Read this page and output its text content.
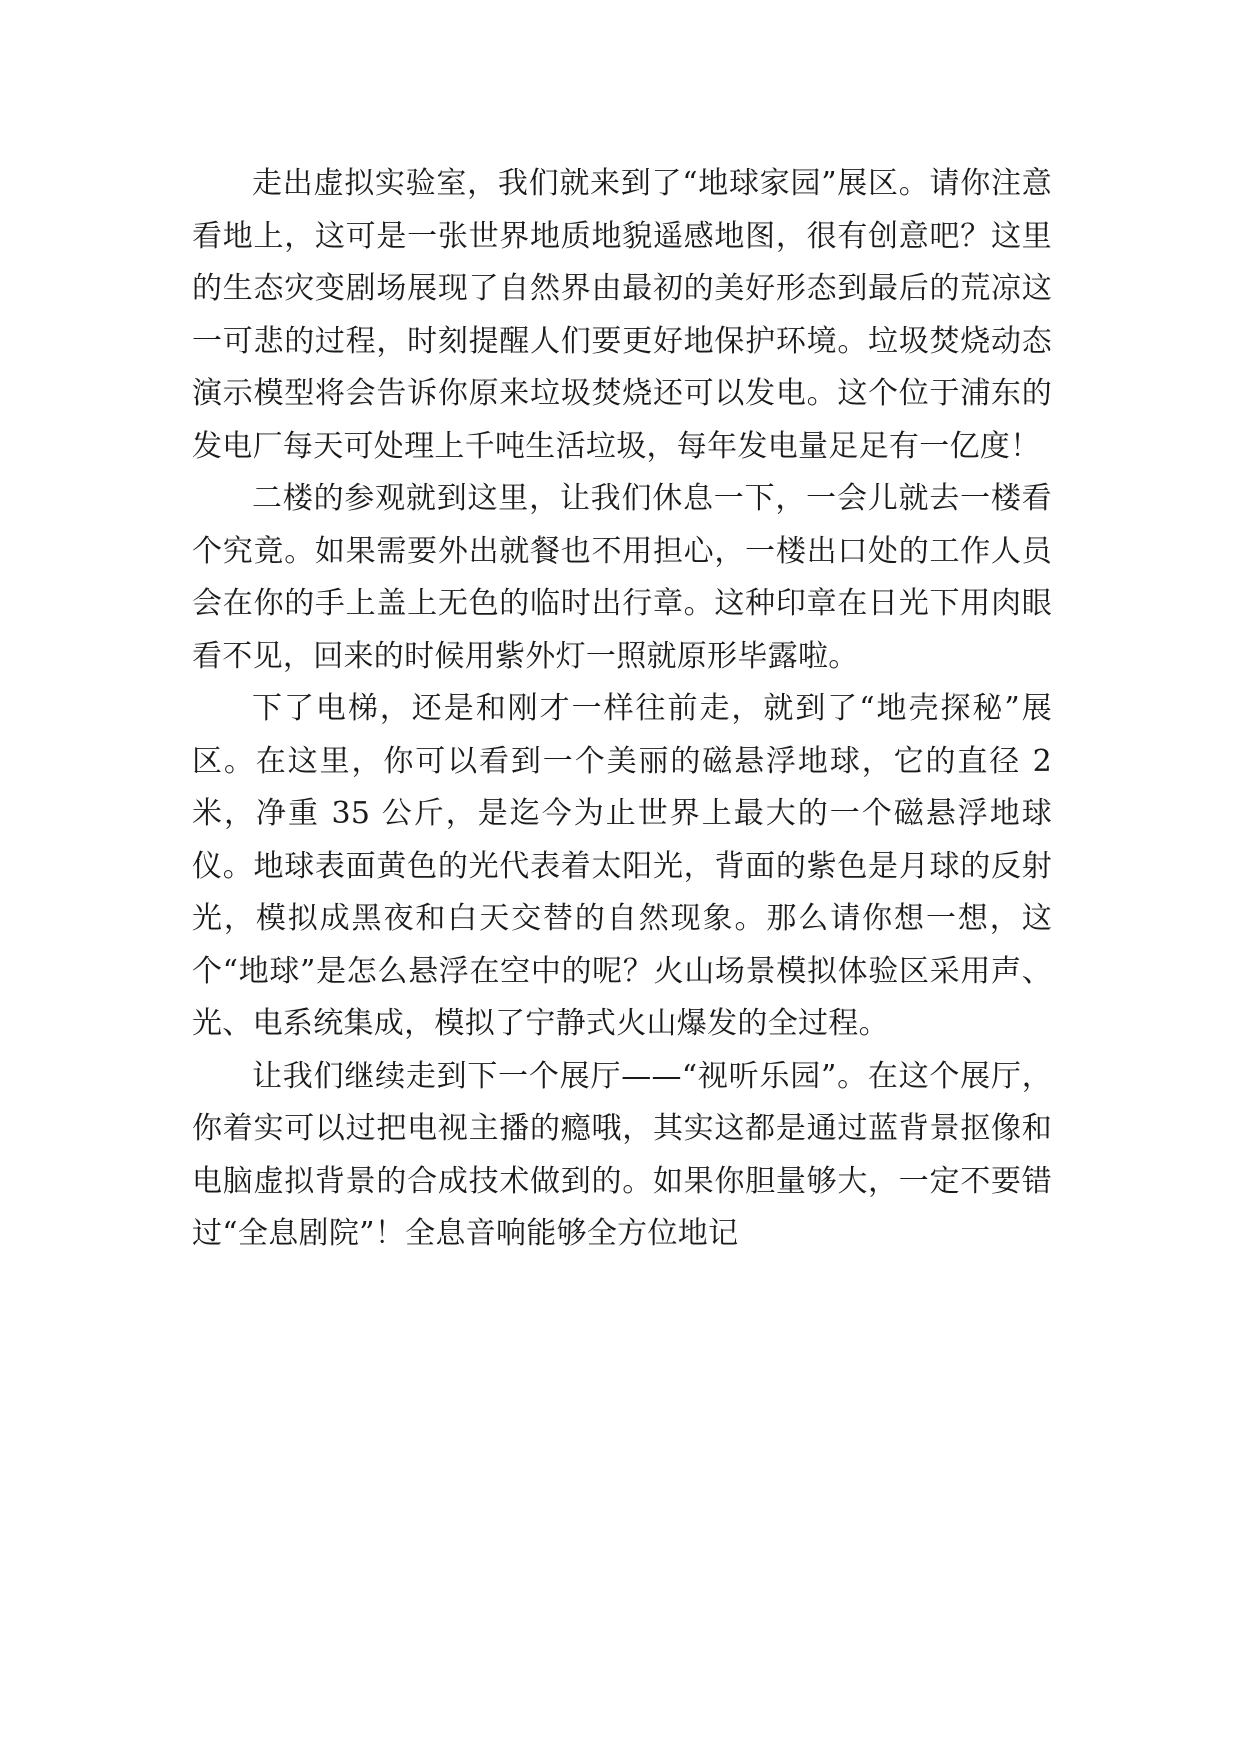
走出虚拟实验室，我们就来到了“地球家园”展区。请你注意看地上，这可是一张世界地质地貌遥感地图，很有创意吧？这里的生态灾变剧场展现了自然界由最初的美好形态到最后的荒凉这一可悲的过程，时刻提醒人们要更好地保护环境。垃圾焚烧动态演示模型将会告诉你原来垃圾焚烧还可以发电。这个位于浦东的发电厂每天可处理上千吨生活垃圾，每年发电量足足有一亿度！

二楼的参观就到这里，让我们休息一下，一会儿就去一楼看个究竟。如果需要外出就餐也不用担心，一楼出口处的工作人员会在你的手上盖上无色的临时出行章。这种印章在日光下用肉眼看不见，回来的时候用紫外灯一照就原形毕露啦。

下了电梯，还是和刚才一样往前走，就到了“地壳探秘”展区。在这里，你可以看到一个美丽的磁悬浮地球，它的直径 2 米，净重 35 公斤，是迄今为止世界上最大的一个磁悬浮地球仪。地球表面黄色的光代表着太阳光，背面的紫色是月球的反射光，模拟成黑夜和白天交替的自然现象。那么请你想一想，这个“地球”是怎么悬浮在空中的呢？火山场景模拟体验区采用声、光、电系统集成，模拟了宁静式火山爆发的全过程。

让我们继续走到下一个展厅——“视听乐园”。在这个展厅，你着实可以过把电视主播的瘾哦，其实这都是通过蓝背景抠像和电脑虚拟背景的合成技术做到的。如果你胆量够大，一定不要错过“全息剧院”！全息音响能够全方位地记
